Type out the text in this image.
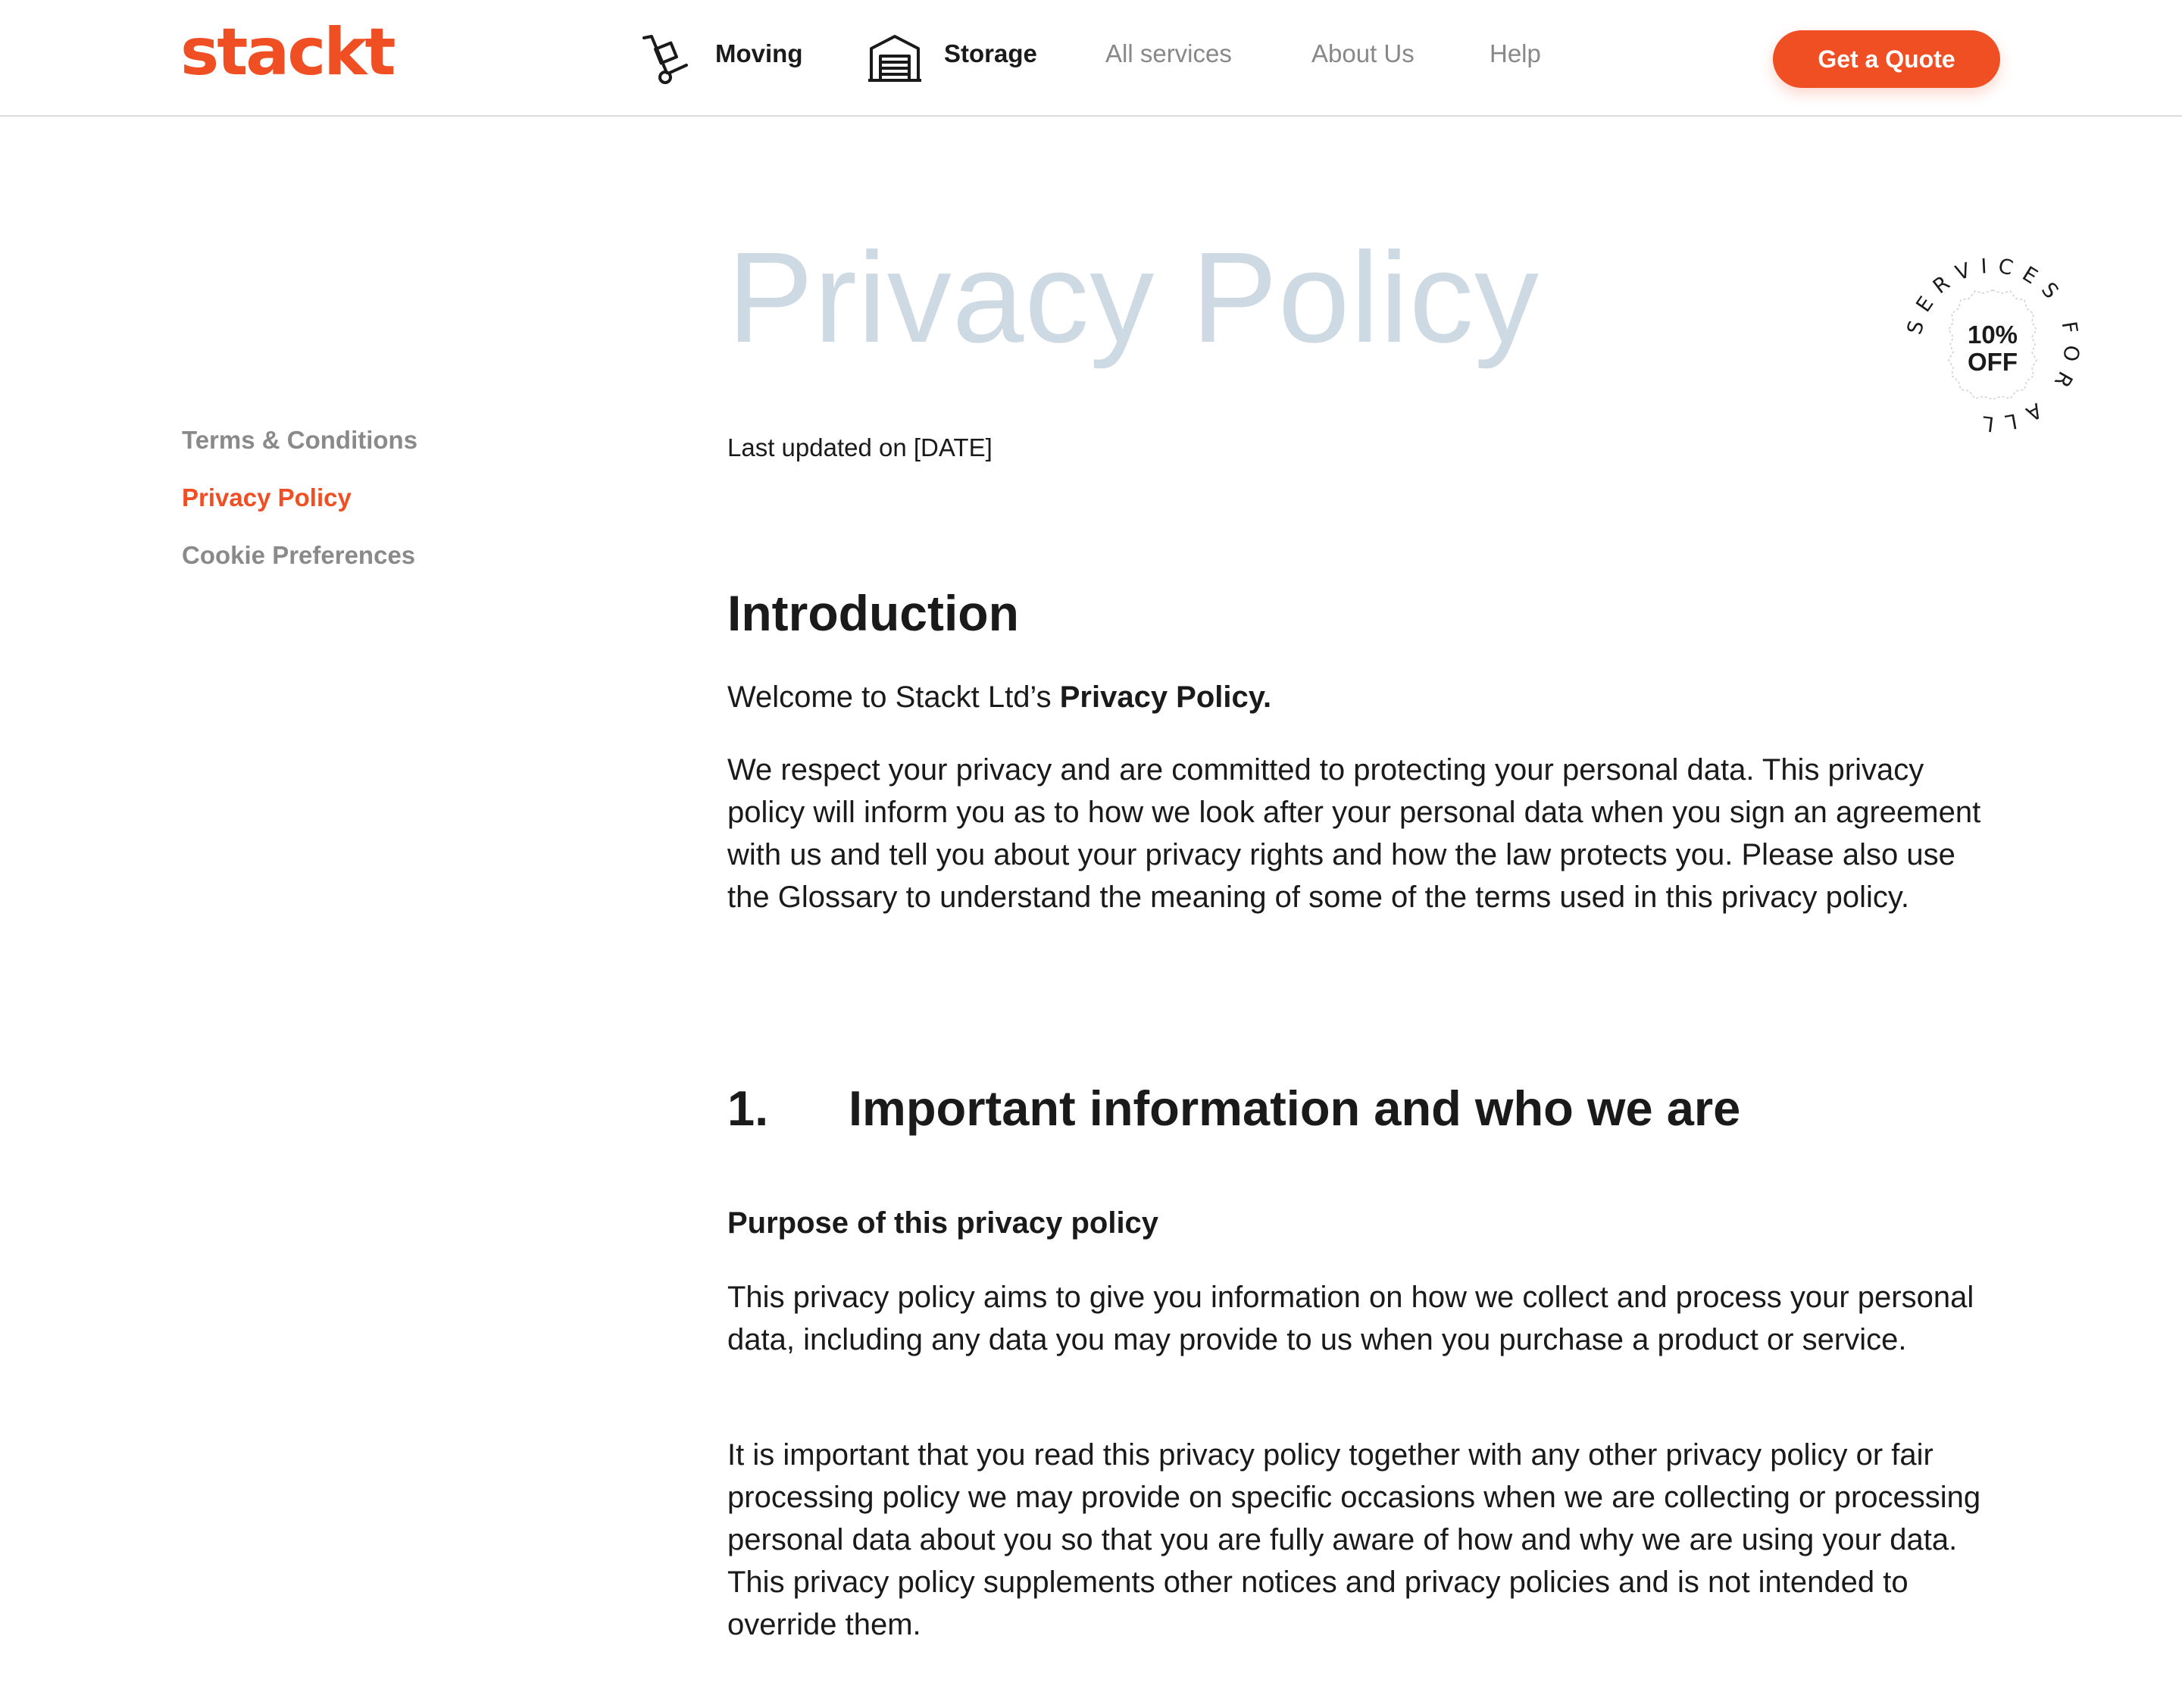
stackt	Moving	Storage	All services	About Us	Help	Get a Quote
Terms & Conditions
Privacy Policy
Cookie Preferences
Privacy Policy
Last updated on [DATE]
SERVICES FOR ALL
10%
OFF
Introduction

Welcome to Stackt Ltd’s Privacy Policy.

We respect your privacy and are committed to protecting your personal data. This privacy policy will inform you as to how we look after your personal data when you sign an agreement with us and tell you about your privacy rights and how the law protects you. Please also use the Glossary to understand the meaning of some of the terms used in this privacy policy.

1. Important information and who we are
Purpose of this privacy policy

This privacy policy aims to give you information on how we collect and process your personal data, including any data you may provide to us when you purchase a product or service.

It is important that you read this privacy policy together with any other privacy policy or fair processing policy we may provide on specific occasions when we are collecting or processing personal data about you so that you are fully aware of how and why we are using your data. This privacy policy supplements other notices and privacy policies and is not intended to override them.
